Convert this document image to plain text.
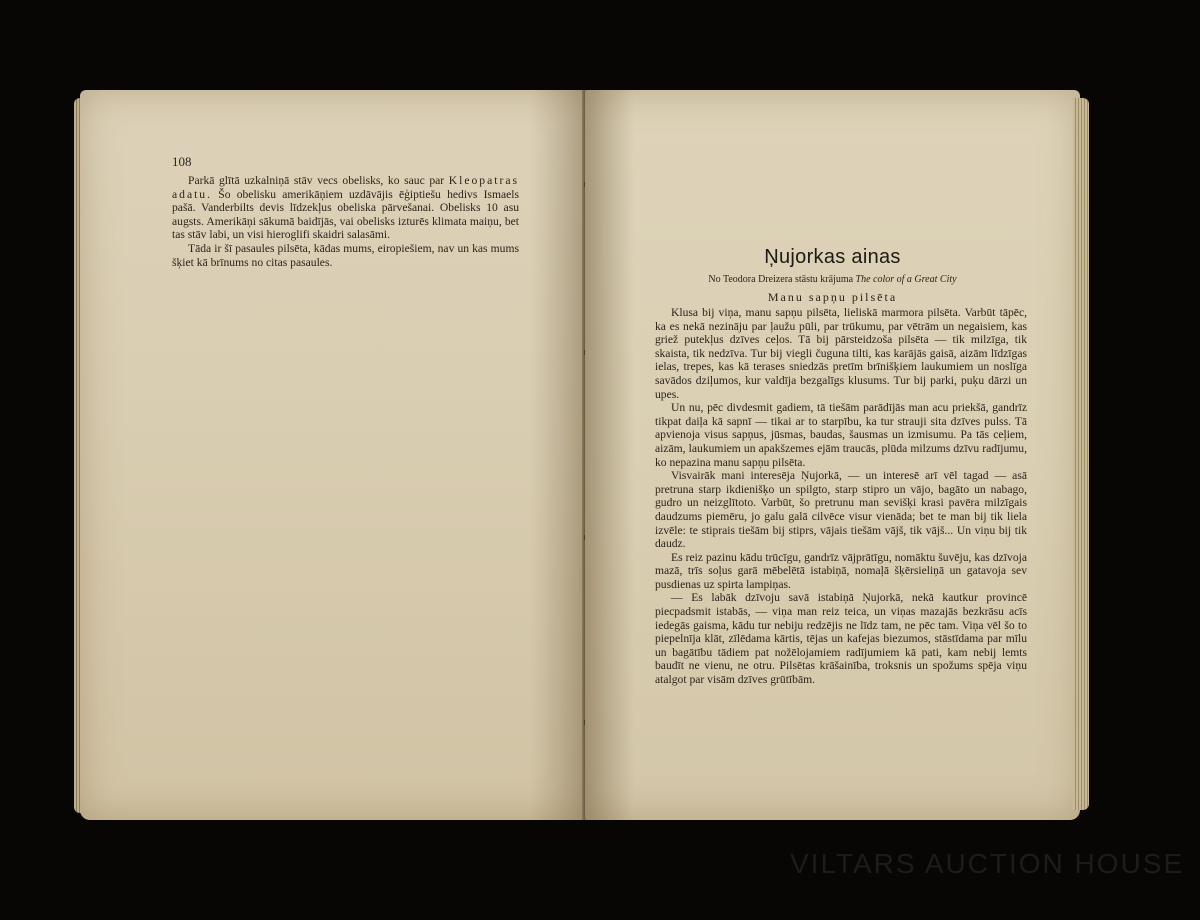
108

Parkā glītā uzkalniņā stāv vecs obelisks, ko sauc par Kleopatras adatu. Šo obelisku amerikāņiem uzdāvājis ēģiptiešu hedivs Ismaels pašā. Vanderbilts devis līdzekļus obeliska pārvešanai. Obelisks 10 asu augsts. Amerikāņi sākumā baidījās, vai obelisks izturēs klimata maiņu, bet tas stāv labi, un visi hieroglifi skaidri salasāmi.

Tāda ir šī pasaules pilsēta, kādas mums, eiropiešiem, nav un kas mums šķiet kā brīnums no citas pasaules.	Ņujorkas ainas
No Teodora Dreizera stāstu krājuma The color of a Great City
Manu sapņu pilsēta

Klusa bij viņa, manu sapņu pilsēta, lieliskā marmora pilsēta. Varbūt tāpēc, ka es nekā nezināju par ļaužu pūli, par trūkumu, par vētrām un negaisiem, kas griež putekļus dzīves ceļos. Tā bij pārsteidzoša pilsēta — tik milzīga, tik skaista, tik nedzīva. Tur bij viegli čuguna tilti, kas karājās gaisā, aizām līdzīgas ielas, trepes, kas kā terases sniedzās pretīm brīnišķiem laukumiem un noslīga savādos dziļumos, kur valdīja bezgalīgs klusums. Tur bij parki, puķu dārzi un upes.

Un nu, pēc divdesmit gadiem, tā tiešām parādījās man acu priekšā, gandrīz tikpat daiļa kā sapnī — tikai ar to starpību, ka tur strauji sita dzīves pulss. Tā apvienoja visus sapņus, jūsmas, baudas, šausmas un izmisumu. Pa tās ceļiem, aizām, laukumiem un apakšzemes ejām traucās, plūda milzums dzīvu radījumu, ko nepazina manu sapņu pilsēta.

Visvairāk mani interesēja Ņujorkā, — un interesē arī vēl tagad — asā pretruna starp ikdienišķo un spilgto, starp stipro un vājo, bagāto un nabago, gudro un neizglītoto. Varbūt, šo pretrunu man sevišķi krasi pavēra milzīgais daudzums piemēru, jo galu galā cilvēce visur vienāda; bet te man bij tik liela izvēle: te stiprais tiešām bij stiprs, vājais tiešām vājš, tik vājš... Un viņu bij tik daudz.

Es reiz pazinu kādu trūcīgu, gandrīz vājprātīgu, nomāktu šuvēju, kas dzīvoja mazā, trīs soļus garā mēbelētā istabiņā, nomaļā šķērsieliņā un gatavoja sev pusdienas uz spirta lampiņas.

— Es labāk dzīvoju savā istabiņā Ņujorkā, nekā kautkur provincē piecpadsmit istabās, — viņa man reiz teica, un viņas mazajās bezkrāsu acīs iedegās gaisma, kādu tur nebiju redzējis ne līdz tam, ne pēc tam. Viņa vēl šo to piepelnīja klāt, zīlēdama kārtis, tējas un kafejas biezumos, stāstīdama par mīlu un bagātību tādiem pat nožēlojamiem radījumiem kā pati, kam nebij lemts baudīt ne vienu, ne otru. Pilsētas krāšainība, troksnis un spožums spēja viņu atalgot par visām dzīves grūtībām.

VILTARS AUCTION HOUSE
